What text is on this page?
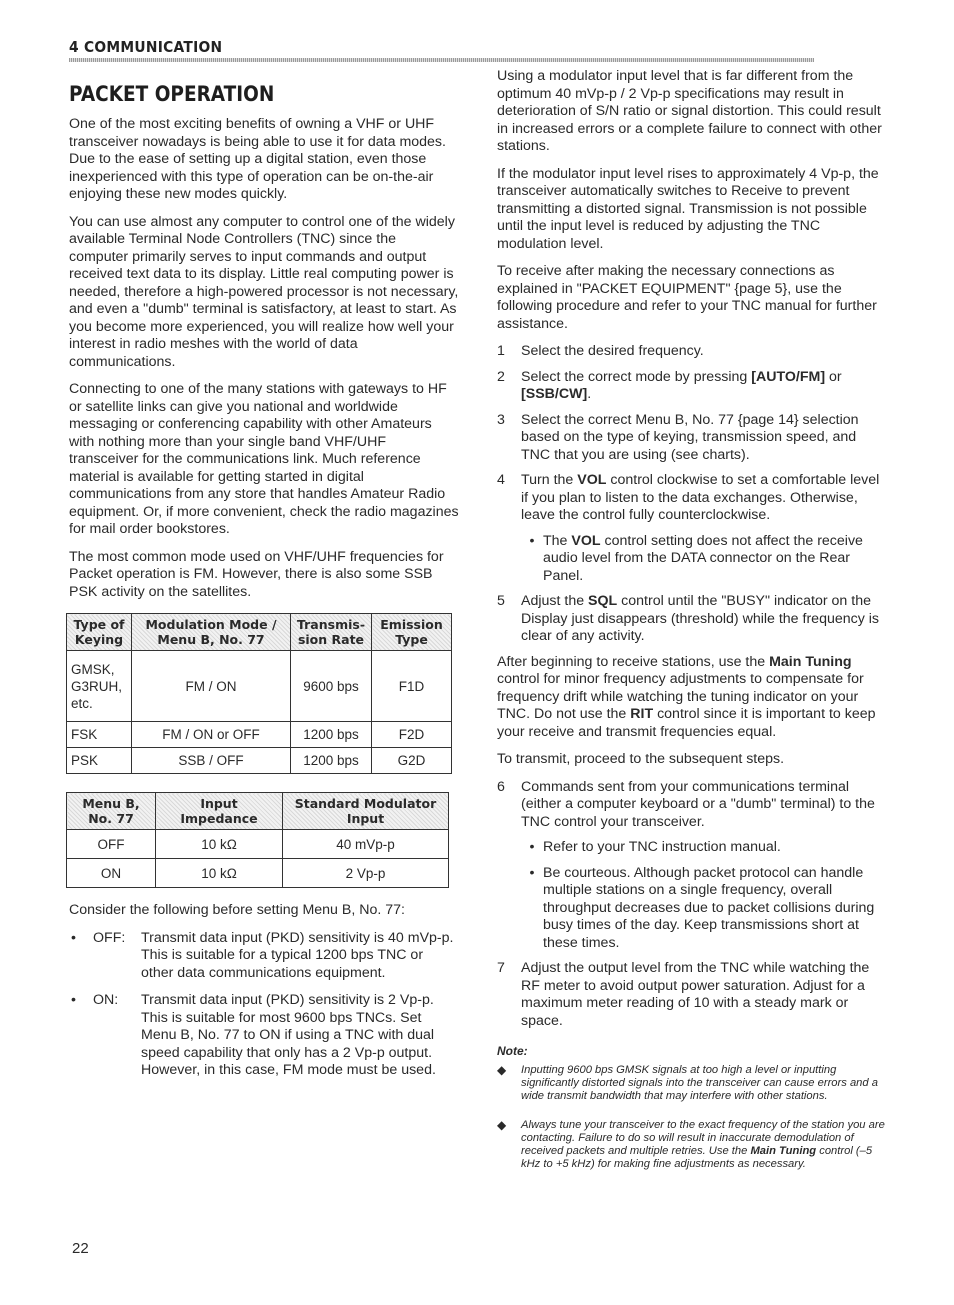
4 COMMUNICATION
PACKET OPERATION

One of the most exciting benefits of owning a VHF or UHF transceiver nowadays is being able to use it for data modes. Due to the ease of setting up a digital station, even those inexperienced with this type of operation can be on-the-air enjoying these new modes quickly.

You can use almost any computer to control one of the widely available Terminal Node Controllers (TNC) since the computer primarily serves to input commands and output received text data to its display. Little real computing power is needed, therefore a high-powered processor is not necessary, and even a "dumb" terminal is satisfactory, at least to start. As you become more experienced, you will realize how well your interest in radio meshes with the world of data communications.

Connecting to one of the many stations with gateways to HF or satellite links can give you national and worldwide messaging or conferencing capability with other Amateurs with nothing more than your single band VHF/UHF transceiver for the communications link. Much reference material is available for getting started in digital communications from any store that handles Amateur Radio equipment. Or, if more convenient, check the radio magazines for mail order bookstores.

The most common mode used on VHF/UHF frequencies for Packet operation is FM. However, there is also some SSB PSK activity on the satellites.

Type of Keying	Modulation Mode / Menu B, No. 77	Transmis-sion Rate	Emission Type
GMSK, G3RUH, etc.	FM / ON	9600 bps	F1D
FSK	FM / ON or OFF	1200 bps	F2D
PSK	SSB / OFF	1200 bps	G2D
Menu B, No. 77	Input Impedance	Standard Modulator Input
OFF	10 kΩ	40 mVp-p
ON	10 kΩ	2 Vp-p

Consider the following before setting Menu B, No. 77:

•	OFF:	Transmit data input (PKD) sensitivity is 40 mVp-p. This is suitable for a typical 1200 bps TNC or other data communications equipment.
•	ON:	Transmit data input (PKD) sensitivity is 2 Vp-p. This is suitable for most 9600 bps TNCs. Set Menu B, No. 77 to ON if using a TNC with dual speed capability that only has a 2 Vp-p output. However, in this case, FM mode must be used.

Using a modulator input level that is far different from the optimum 40 mVp-p / 2 Vp-p specifications may result in deterioration of S/N ratio or signal distortion. This could result in increased errors or a complete failure to connect with other stations.

If the modulator input level rises to approximately 4 Vp-p, the transceiver automatically switches to Receive to prevent transmitting a distorted signal. Transmission is not possible until the input level is reduced by adjusting the TNC modulation level.

To receive after making the necessary connections as explained in "PACKET EQUIPMENT" {page 5}, use the following procedure and refer to your TNC manual for further assistance.

1	Select the desired frequency.
2	Select the correct mode by pressing [AUTO/FM] or [SSB/CW].
3	Select the correct Menu B, No. 77 {page 14} selection based on the type of keying, transmission speed, and TNC that you are using (see charts).
4	Turn the VOL control clockwise to set a comfortable level if you plan to listen to the data exchanges. Otherwise, leave the control fully counterclockwise.
• The VOL control setting does not affect the receive audio level from the DATA connector on the Rear Panel.
5	Adjust the SQL control until the "BUSY" indicator on the Display just disappears (threshold) while the frequency is clear of any activity.

After beginning to receive stations, use the Main Tuning control for minor frequency adjustments to compensate for frequency drift while watching the tuning indicator on your TNC. Do not use the RIT control since it is important to keep your receive and transmit frequencies equal.

To transmit, proceed to the subsequent steps.

6	Commands sent from your communications terminal (either a computer keyboard or a "dumb" terminal) to the TNC control your transceiver.
• Refer to your TNC instruction manual.
• Be courteous. Although packet protocol can handle multiple stations on a single frequency, overall throughput decreases due to packet collisions during busy times of the day. Keep transmissions short at these times.
7	Adjust the output level from the TNC while watching the RF meter to avoid output power saturation. Adjust for a maximum meter reading of 10 with a steady mark or space.
Note:
◆	Inputting 9600 bps GMSK signals at too high a level or inputting significantly distorted signals into the transceiver can cause errors and a wide transmit bandwidth that may interfere with other stations.
◆	Always tune your transceiver to the exact frequency of the station you are contacting. Failure to do so will result in inaccurate demodulation of received packets and multiple retries. Use the Main Tuning control (–5 kHz to +5 kHz) for making fine adjustments as necessary.
22
